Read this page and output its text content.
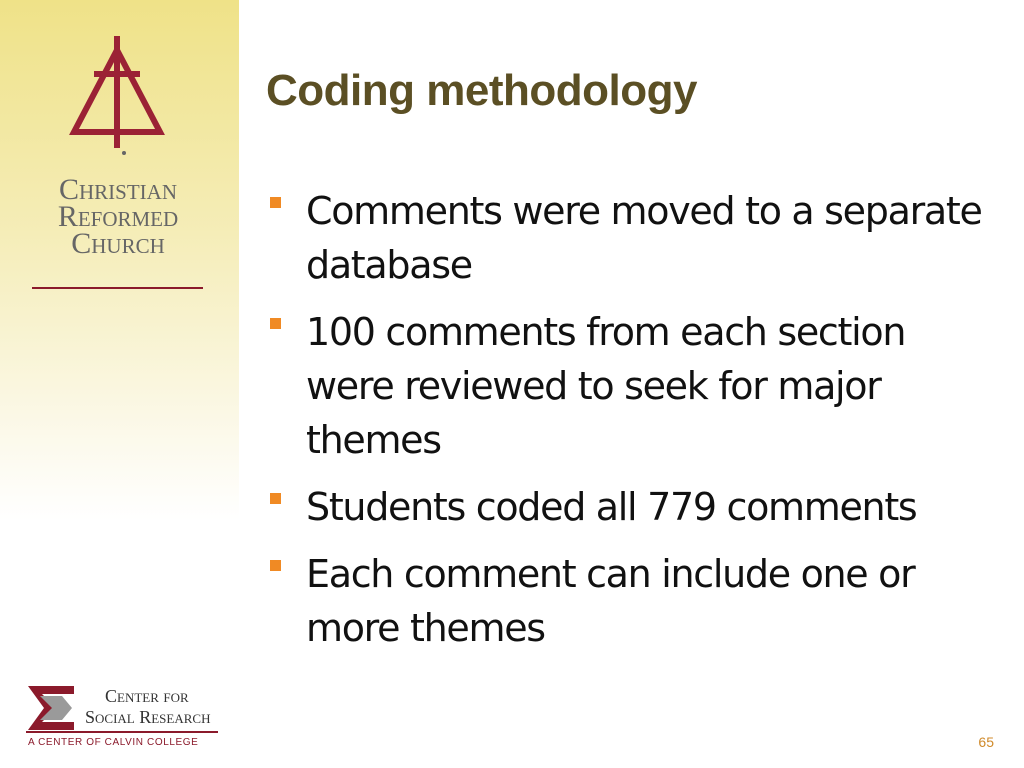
Christian
Reformed
Church
Coding methodology
Comments were moved to a separate database
100 comments from each section were reviewed to seek for major themes
Students coded all 779 comments
Each comment can include one or more themes
Center for
Social Research
A CENTER OF CALVIN COLLEGE	65
